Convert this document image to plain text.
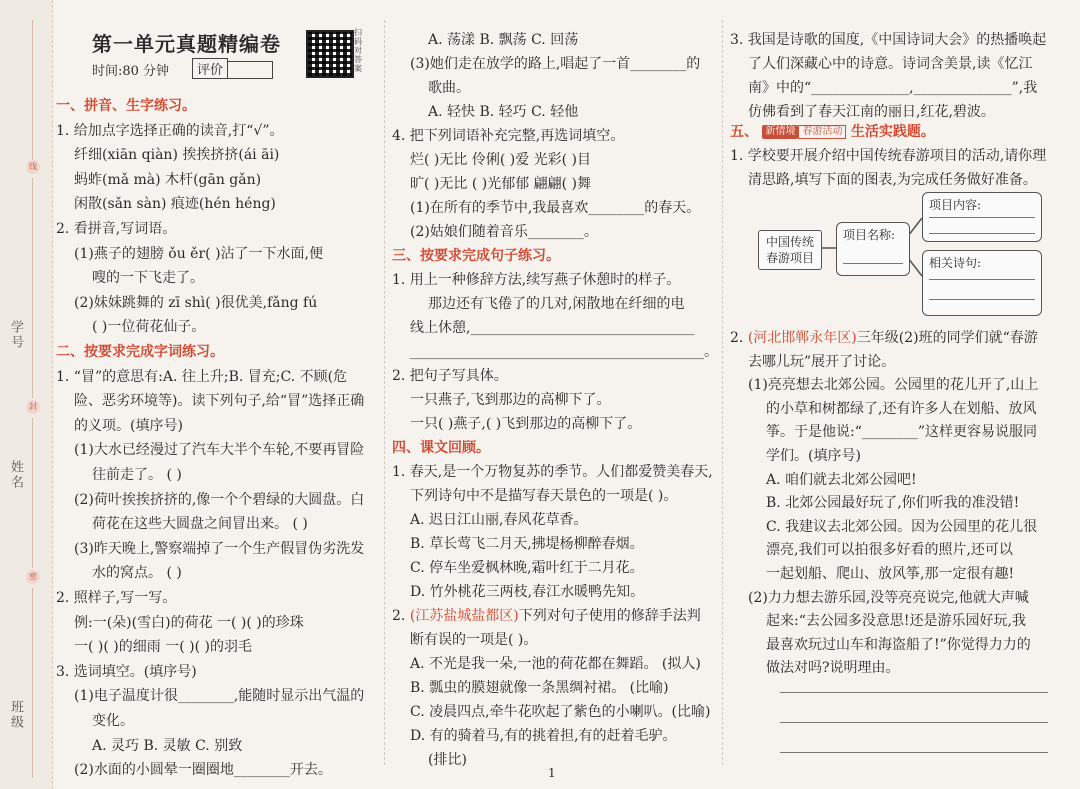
线
封
密
学号
姓名
班级
第一单元真题精编卷
时间:80 分钟	评价
扫码对答案
一、拼音、生字练习。
1. 给加点字选择正确的读音,打“√”。
纤细(xiān qiàn) 挨挨挤挤(ái āi)
蚂蚱(mǎ mà) 木杆(gān gǎn)
闲散(sǎn sàn) 痕迹(hén héng)
2. 看拼音,写词语。
(1)燕子的翅膀 ǒu ěr( )沾了一下水面,便
嗖的一下飞走了。
(2)妹妹跳舞的 zī shì( )很优美,fǎng fú
( )一位荷花仙子。
二、按要求完成字词练习。
1. “冒”的意思有:A. 往上升;B. 冒充;C. 不顾(危
险、恶劣环境等)。读下列句子,给“冒”选择正确
的义项。(填序号)
(1)大水已经漫过了汽车大半个车轮,不要再冒险
往前走了。 ( )
(2)荷叶挨挨挤挤的,像一个个碧绿的大圆盘。白
荷花在这些大圆盘之间冒出来。 ( )
(3)昨天晚上,警察端掉了一个生产假冒伪劣洗发
水的窝点。 ( )
2. 照样子,写一写。
例:一(朵)(雪白)的荷花 一( )( )的珍珠
一( )( )的细雨 一( )( )的羽毛
3. 选词填空。(填序号)
(1)电子温度计很________,能随时显示出气温的
变化。
A. 灵巧 B. 灵敏 C. 别致
(2)水面的小圆晕一圈圈地________开去。
A. 荡漾 B. 飘荡 C. 回荡
(3)她们走在放学的路上,唱起了一首________的
歌曲。
A. 轻快 B. 轻巧 C. 轻他
4. 把下列词语补充完整,再选词填空。
烂( )无比 伶俐( )爱 光彩( )目
旷( )无比 ( )光郁郁 翩翩( )舞
(1)在所有的季节中,我最喜欢________的春天。
(2)姑娘们随着音乐________。
三、按要求完成句子练习。
1. 用上一种修辞方法,续写燕子休憩时的样子。
那边还有飞倦了的几对,闲散地在纤细的电
线上休憩,________________________________
__________________________________________。
2. 把句子写具体。
一只燕子,飞到那边的高柳下了。
一只( )燕子,( )飞到那边的高柳下了。
四、课文回顾。
1. 春天,是一个万物复苏的季节。人们都爱赞美春天,
下列诗句中不是描写春天景色的一项是( )。
A. 迟日江山丽,春风花草香。
B. 草长莺飞二月天,拂堤杨柳醉春烟。
C. 停车坐爱枫林晚,霜叶红于二月花。
D. 竹外桃花三两枝,春江水暖鸭先知。
2. (江苏盐城盐都区)下列对句子使用的修辞手法判
断有误的一项是( )。
A. 不光是我一朵,一池的荷花都在舞蹈。 (拟人)
B. 瓢虫的膜翅就像一条黑绸衬裙。 (比喻)
C. 凌晨四点,牵牛花吹起了紫色的小喇叭。(比喻)
D. 有的骑着马,有的挑着担,有的赶着毛驴。
(排比)
3. 我国是诗歌的国度,《中国诗词大会》的热播唤起
了人们深藏心中的诗意。诗词含美景,读《忆江
南》中的“______________,______________”,我
仿佛看到了春天江南的丽日,红花,碧波。
五、 新情境 春游活动 生活实践题。
1. 学校要开展介绍中国传统春游项目的活动,请你理
清思路,填写下面的图表,为完成任务做好准备。
中国传统
春游项目
项目名称:
项目内容:
相关诗句:
2. (河北邯郸永年区)三年级(2)班的同学们就“春游
去哪儿玩”展开了讨论。
(1)亮亮想去北郊公园。公园里的花儿开了,山上
的小草和树都绿了,还有许多人在划船、放风
筝。于是他说:“________”这样更容易说服同
学们。(填序号)
A. 咱们就去北郊公园吧!
B. 北郊公园最好玩了,你们听我的准没错!
C. 我建议去北郊公园。因为公园里的花儿很
漂亮,我们可以拍很多好看的照片,还可以
一起划船、爬山、放风筝,那一定很有趣!
(2)力力想去游乐园,没等亮亮说完,他就大声喊
起来:“去公园多没意思!还是游乐园好玩,我
最喜欢玩过山车和海盗船了!”你觉得力力的
做法对吗?说明理由。
1
